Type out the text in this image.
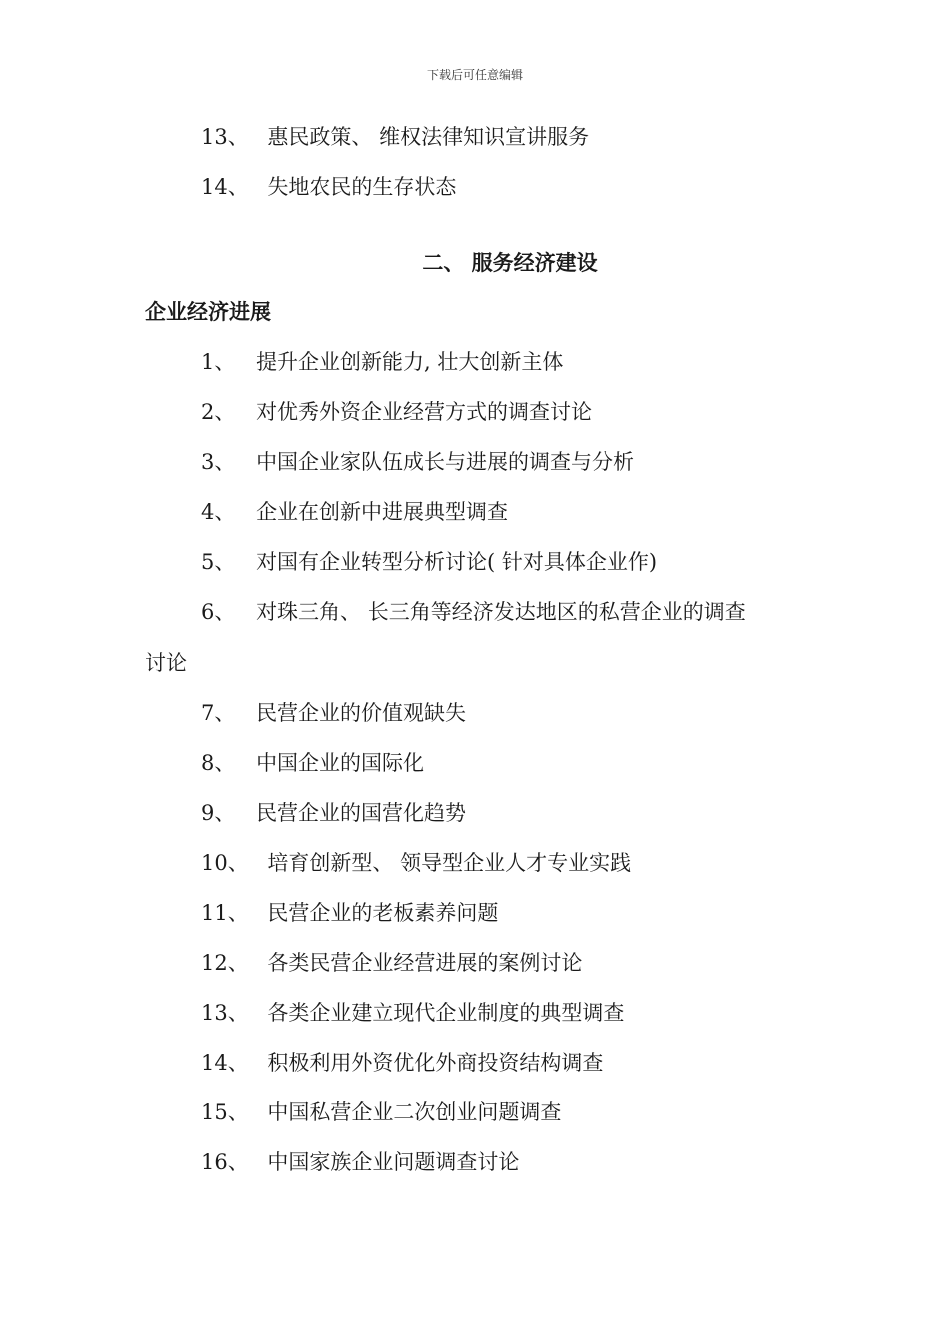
下载后可任意编辑
13、 惠民政策、 维权法律知识宣讲服务
14、 失地农民的生存状态
二、 服务经济建设
企业经济进展
1、 提升企业创新能力, 壮大创新主体
2、 对优秀外资企业经营方式的调查讨论
3、 中国企业家队伍成长与进展的调查与分析
4、 企业在创新中进展典型调查
5、 对国有企业转型分析讨论( 针对具体企业作)
6、 对珠三角、 长三角等经济发达地区的私营企业的调查
讨论
7、 民营企业的价值观缺失
8、 中国企业的国际化
9、 民营企业的国营化趋势
10、 培育创新型、 领导型企业人才专业实践
11、 民营企业的老板素养问题
12、 各类民营企业经营进展的案例讨论
13、 各类企业建立现代企业制度的典型调查
14、 积极利用外资优化外商投资结构调查
15、 中国私营企业二次创业问题调查
16、 中国家族企业问题调查讨论
